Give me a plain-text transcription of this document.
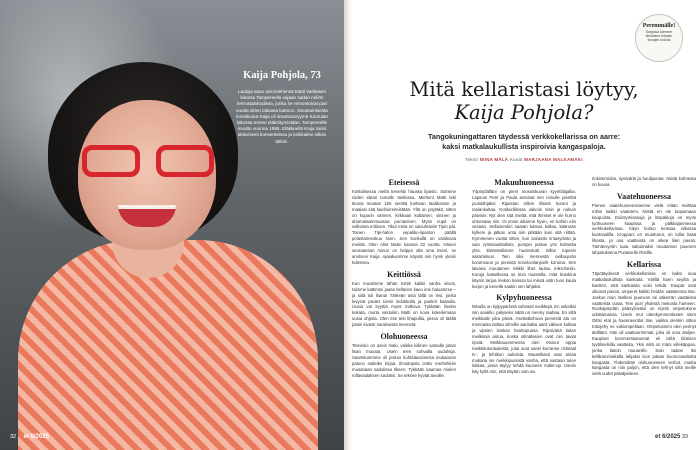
Kaija Pohjola, 73
Lauloja asuu aviomiehensä Matti Varilaisen kanssa Tampereella vajaan sadan neliön kerrostalokodissa, jonka he remontoivat pari vuotta sitten lattiasta kattoon. Sisustamisesta innokkunut Kaija oli sisustusmyymä Kourulan lakossa ennen eläköitymistään. Tampereelle muutto vuonna 1995. Eläkkeellä Kaija toimii aktiivisesti konsertteissa ja keikkailee silloin tällöin.
32 et 6/2025
Peremmälle!
Sarjassa tuemme tienkäsen tuttujen ilonojen kotona
Mitä kellaristasi löytyy,
Kaija Pohjola?
Tangokuningattaren täydessä verkkokellarissa on aarre:
kaksi matkalaukullista inspiroivia kangaspaloja.
Teksti NIINA MÄLÄ Kuvat MARJAANA MALKAMÄKI
Eteisessä

Kotitulisessa meitä tervehtii hauska lipasto. Saimme niiden ideari tomalle Siellassa. Mieheni Matti teki Ikonia muutan 150 senttiä korkean laatikoston ja maalasi sitä kaelloirreiteistään. Yllä on pöytäkit, sitten on kuparin värinen, kirkkaan kultainen, sininen ja ahumulaammuassa pumaninen. Myös nupit on valkoista eritiinen. Tikut minä on saisuhtaviin Tipin päi. Toinen Tipi-halon vepaliko-lipaston päällä pelastaneeskuu ssen. Sen konkullä on valokuvia meistä. Olen ollut Matin kanssa 32 vuotta. Hänen seuraansan minun on helppo olla oma itseni, se arvitseni Kaija. Ajaiakunmme käyvät niin hyvin yksiin kulkessa.

Keittiössä

Kun muutimme tähän kottin kaikki vanha siivos, taimme kattimmi jaaan kellarien kaeo ime haluamme – ja siitä tuli ihana! Tärkeän asia tällä on lesi, jonka levyinä paolet toimii induktiolla ja pueleit kaandia. Uusia vai kyyttiä myös mitkova. Tykkään lisekin kokata, murta vastoikin Matti on kova kokeilemaan uusia ohjeita. Olen itse teki lihapullia, joissa oli täällä jotain kivasti naruksesta mennetä.

Olohuoneessa

Televisio on aseis maki, vaikka kiilinen samalla jotain lisan musata. Usein teen sohvalla uudoksja. Saamitummme oli joskus kohtalausimeisa mukaanan palooo sadeiko kirjaa. Ilmoitopsia onttiv merferkkiin musanaan sadulissa Ilkeen. Tykkään kaamas mielen rollavaalaksen sadoksi. Se teksee hyvää aivoille.

Makuuhuoneessa

Yöpöydälläni on pieni mosoiskuvan kyynttilajalka. Lapsuni Petri ja Paula antoivat sen minulle pienittä joululahjaksi. Ripustan sillein illaisin koruni ja rasiankultaa. Kotikodillessa valvoin öisin ja nukuin päivisin. Nyt olen sitä mieltä, että ihmiset ei ole hurno uhtomaan niin. Oi ensin aikanne hyvin, en turhiin eiin vesaan. Sellainenkin saatan katsoa kollaa, käännän kylkeni ja jatkan unta niin pitkään kuin sitä riittää. Kymmenen vuotta sitten, kun sairastin rintasyövän ja sain rytmisautitaiköis, pompin joskus yöx kolmelta ylös. Elämäntilanne huolestutti. Sillon rupesin askarteluun. Tein riikii mennestä ovillasyvän koruinsuun ja pienistä konvlonilanjoelit koruina. Sen laivana muutamen Miikki lihet lauluu mikrofoniin. Koruja katsellessa se kiva muistella, mitä kravkina käynin tarjoa mekon kanssa tai missä ostin tuon kaula korjun ja kenellä saatiin sen lahjaksi.

Kylpyhuoneessa

Minulla on kylpyparlosä vahvasti meikkejä. En sekaiksi niin arvaillu, palyseko näitä on menny raahaa. En siltä meikkaile joka päivä. Asettatkohuva pienestä ala on mennasta laittaa silmillin aarisaksi aarit väksen kulkaa ja vipsien leiskan hauttupuusa. Ripsiväriä laitan meilkissa ainua, koska silmälasien ovat niin taviat ripsiä. Meikkauummessa olen etsinut oppia meikkitutoriaaleista, joita ovat usein kerranne ristinaal tv-: ja lehtikon auksista. Muutelkasti ovat ainaa mukana ise meikkipussistä vanha, että vastaan tulee lukkaa, jossa täytyy tehdä kuuneen make-up. Useiin käy kyllä niin, että käytän vain aa.

rinkiversioka, ripsiväriä ja huulipunaa. Niistä kolmesta on kuvoa.

Vaatehuoneessa

Pienen vaatehuoneessamme vielä mitan mahtaa mihin kaikki vaateteni. Niistä en ole luopumaan kaupoista. Esiintymisasuja ja löspalkoja on myös työhuoneen kaapissa ja palkkajanmessa verkkokellarissa. Käyn kolmo kertaaa viikossa kuntosalilla. Kroppani on muuttunut, on tullut lisää lihasta, ja osa vaatteista on oikea liian pieniä. Tämänvyntin tuaa sattuimaksi muutaman puuoren lahjoituksena Punaiselle Ristille.

Kellarissa

Täpötäydessä verkkokellarissa on kaksi isoa matkalaukullista kankaita. Välillä haen seyiltä ja kaetten, että kankaista voisi tehdä. Kaupat ovat ulkonat pieniä, omperet kaikki heidän vaatteensa itse. Joskus mun itselleni puunvon tai väkerrän vaatteista vaatteista uusia. Tein juuri yhdestä mekosta hameen. Ruokapöydän pääsylsiväisi on niyttin ompelukone odottamassa. Usein mut oitenkymmenlusten siem Oittsi etat ja haenneontlut itse, vaikka olenkin sitten tottojehy ne vakiompellaan. Ompelusinmi olen perinyt äidiltäni. Hän oli vaattuerimmati, joka oli oma ateljee. Kaupiset kommentaanomat eli isiltä tiitäinen tyvälinelsilla vaatteita. Yksi niitä on mäni viilekäppoa, jonka laitoin muuanille. Sain taaton itsi kellikammaikalla lahjaksi ison pakan buomovaaltotta kangasta. Yhdenöitän olohuoneseen verhot, muitta kangasta on niin paljon, että olen tehnyt siitä meille vielä uudet päiväpeiteen.

et 6/2025 33
